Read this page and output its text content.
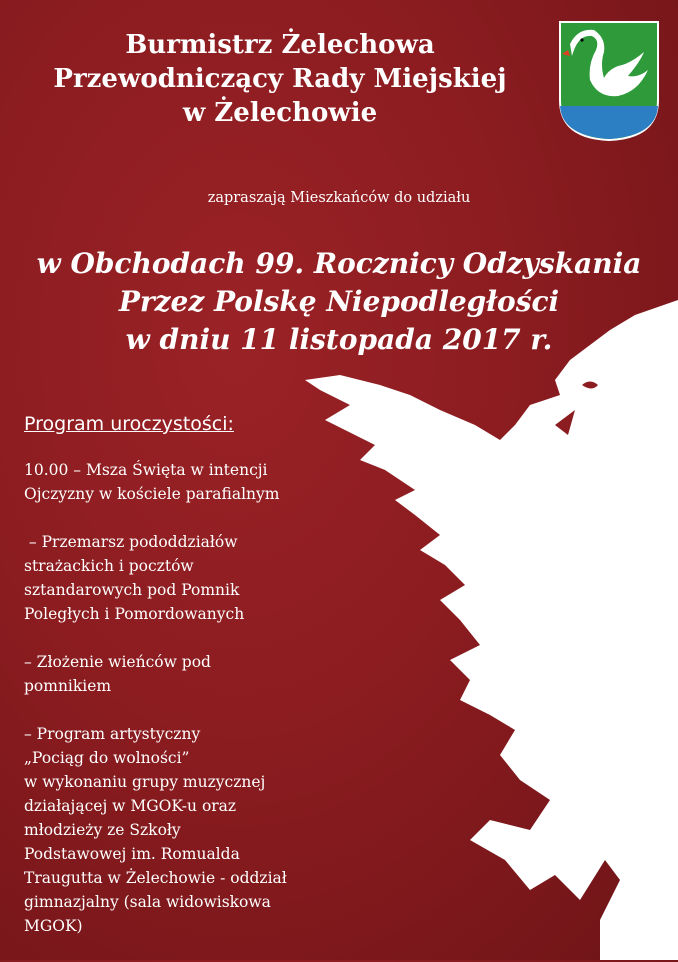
Burmistrz Żelechowa
Przewodniczący Rady Miejskiej
w Żelechowie
zapraszają Mieszkańców do udziału
w Obchodach 99. Rocznicy Odzyskania
Przez Polskę Niepodległości
w dniu 11 listopada 2017 r.
Program uroczystości:
10.00 – Msza Święta w intencji
Ojczyzny w kościele parafialnym
– Przemarsz pododdziałów
strażackich i pocztów
sztandarowych pod Pomnik
Poległych i Pomordowanych
– Złożenie wieńców pod
pomnikiem
– Program artystyczny
„Pociąg do wolności”
w wykonaniu grupy muzycznej
działającej w MGOK-u oraz
młodzieży ze Szkoły
Podstawowej im. Romualda
Traugutta w Żelechowie - oddział
gimnazjalny (sala widowiskowa
MGOK)
